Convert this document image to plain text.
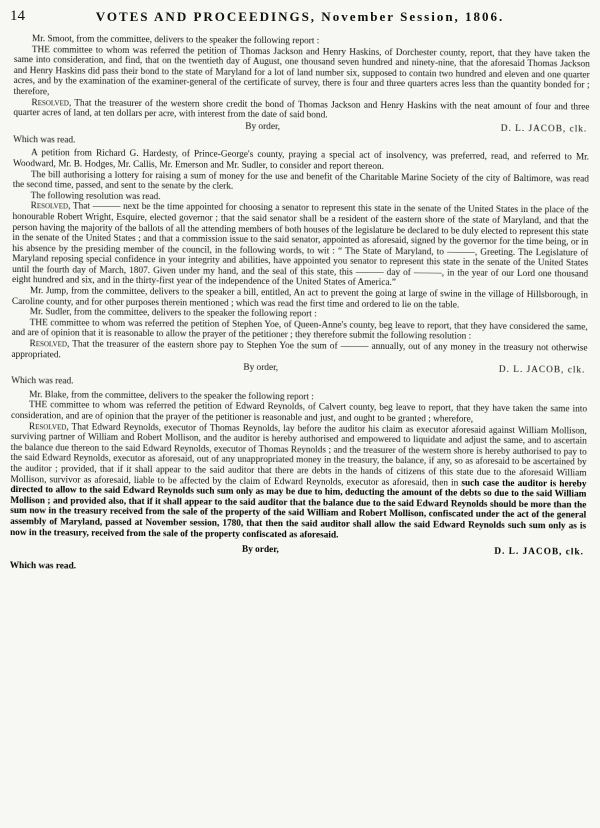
14	VOTES AND PROCEEDINGS, November Session, 1806.

Mr. Smoot, from the committee, delivers to the speaker the following report :

THE committee to whom was referred the petition of Thomas Jackson and Henry Haskins, of Dorchester county, report, that they have taken the same into consideration, and find, that on the twentieth day of August, one thousand seven hundred and ninety-nine, that the aforesaid Thomas Jackson and Henry Haskins did pass their bond to the state of Maryland for a lot of land number six, supposed to contain two hundred and eleven and one quarter acres, and by the examination of the examiner-general of the certificate of survey, there is four and three quarters acres less than the quantity bonded for ; therefore,

Resolved, That the treasurer of the western shore credit the bond of Thomas Jackson and Henry Haskins with the neat amount of four and three quarter acres of land, at ten dollars per acre, with interest from the date of said bond.

By order,	D. L. JACOB, clk.

Which was read.

A petition from Richard G. Hardesty, of Prince-George's county, praying a special act of insolvency, was preferred, read, and referred to Mr. Woodward, Mr. B. Hodges, Mr. Callis, Mr. Emerson and Mr. Sudler, to consider and report thereon.

The bill authorising a lottery for raising a sum of money for the use and benefit of the Charitable Marine Society of the city of Baltimore, was read the second time, passed, and sent to the senate by the clerk.

The following resolution was read.

Resolved, That ——— next be the time appointed for choosing a senator to represent this state in the senate of the United States in the place of the honourable Robert Wright, Esquire, elected governor ; that the said senator shall be a resident of the eastern shore of the state of Maryland, and that the person having the majority of the ballots of all the attending members of both houses of the legislature be declared to be duly elected to represent this state in the senate of the United States ; and that a commission issue to the said senator, appointed as aforesaid, signed by the governor for the time being, or in his absence by the presiding member of the council, in the following words, to wit : “ The State of Maryland, to ———, Greeting. The Legislature of Maryland reposing special confidence in your integrity and abilities, have appointed you senator to represent this state in the senate of the United States until the fourth day of March, 1807. Given under my hand, and the seal of this state, this ——— day of ———, in the year of our Lord one thousand eight hundred and six, and in the thirty-first year of the independence of the United States of America.”

Mr. Jump, from the committee, delivers to the speaker a bill, entitled, An act to prevent the going at large of swine in the village of Hillsborough, in Caroline county, and for other purposes therein mentioned ; which was read the first time and ordered to lie on the table.

Mr. Sudler, from the committee, delivers to the speaker the following report :

THE committee to whom was referred the petition of Stephen Yoe, of Queen-Anne's county, beg leave to report, that they have considered the same, and are of opinion that it is reasonable to allow the prayer of the petitioner ; they therefore submit the following resolution :

Resolved, That the treasurer of the eastern shore pay to Stephen Yoe the sum of ——— annually, out of any money in the treasury not otherwise appropriated.

By order,	D. L. JACOB, clk.

Which was read.

Mr. Blake, from the committee, delivers to the speaker the following report :

THE committee to whom was referred the petition of Edward Reynolds, of Calvert county, beg leave to report, that they have taken the same into consideration, and are of opinion that the prayer of the petitioner is reasonable and just, and ought to be granted ; wherefore,

Resolved, That Edward Reynolds, executor of Thomas Reynolds, lay before the auditor his claim as executor aforesaid against William Mollison, surviving partner of William and Robert Mollison, and the auditor is hereby authorised and empowered to liquidate and adjust the same, and to ascertain the balance due thereon to the said Edward Reynolds, executor of Thomas Reynolds ; and the treasurer of the western shore is hereby authorised to pay to the said Edward Reynolds, executor as aforesaid, out of any unappropriated money in the treasury, the balance, if any, so as aforesaid to be ascertained by the auditor ; provided, that if it shall appear to the said auditor that there are debts in the hands of citizens of this state due to the aforesaid William Mollison, survivor as aforesaid, liable to be affected by the claim of Edward Reynolds, executor as aforesaid, then in such case the auditor is hereby directed to allow to the said Edward Reynolds such sum only as may be due to him, deducting the amount of the debts so due to the said William Mollison ; and provided also, that if it shall appear to the said auditor that the balance due to the said Edward Reynolds should be more than the sum now in the treasury received from the sale of the property of the said William and Robert Mollison, confiscated under the act of the general assembly of Maryland, passed at November session, 1780, that then the said auditor shall allow the said Edward Reynolds such sum only as is now in the treasury, received from the sale of the property confiscated as aforesaid.

By order,	D. L. JACOB, clk.

Which was read.
